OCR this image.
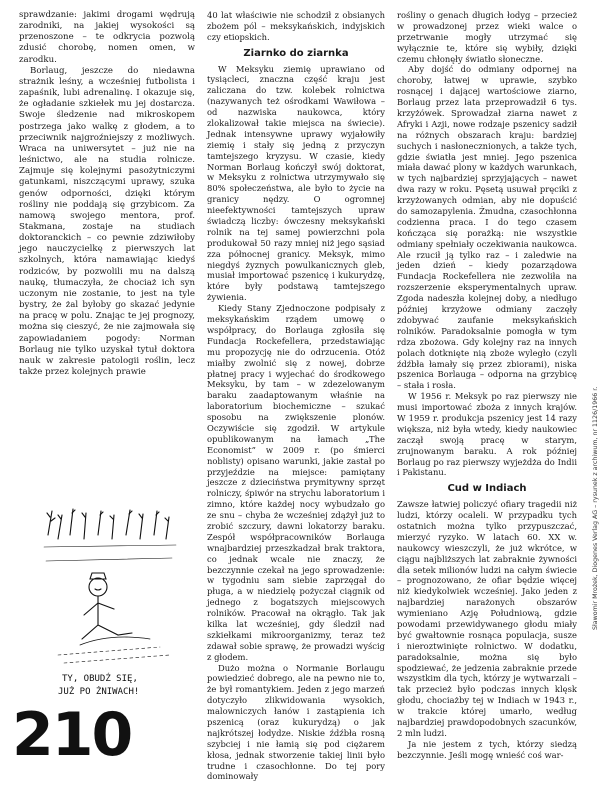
sprawdzanie: jakimi drogami wędrują zarodniki, na jakiej wysokości są przenoszone – te odkrycia pozwolą zdusić chorobę, nomen omen, w zarodku.

Borlaug, jeszcze do niedawna strażnik leśny, a wcześniej futbolista i zapaśnik, lubi adrenalinę. I okazuje się, że ogładanie szkiełek mu jej dostarcza. Swoje śledzenie nad mikroskopem postrzega jako walkę z głodem, a to przeciwnik najgroźniejszy z możliwych. Wraca na uniwersytet – już nie na leśnictwo, ale na studia rolnicze. Zajmuje się kolejnymi pasożytniczymi gatunkami, niszczącymi uprawy, szuka genów odporności, dzięki którym rośliny nie poddają się grzybicom. Za namową swojego mentora, prof. Stakmana, zostaje na studiach doktoranckich – co pewnie zdziwiłoby jego nauczycielkę z pierwszych lat szkolnych, która namawiając kiedyś rodziców, by pozwolili mu na dalszą naukę, tłumaczyła, że chociaż ich syn uczonym nie zostanie, to jest na tyle bystry, że żal byłoby go skazać jedynie na pracę w polu. Znając te jej prognozy, można się cieszyć, że nie zajmowała się zapowiadaniem pogody: Norman Borlaug nie tylko uzyskał tytuł doktora nauk w zakresie patologii roślin, lecz także przez kolejnych prawie

TY, OBUDŹ SIĘ,
JUŻ PO ŻNIWACH!
210

40 lat właściwie nie schodził z obsianych zbożem pól – meksykańskich, indyjskich czy etiopskich.

Ziarnko do ziarnka

W Meksyku ziemię uprawiano od tysiącleci, znaczna część kraju jest zaliczana do tzw. kolebek rolnictwa (nazywanych też ośrodkami Wawiłowa – od nazwiska naukowca, który zlokalizował takie miejsca na świecie). Jednak intensywne uprawy wyjałowiły ziemię i stały się jedną z przyczyn tamtejszego kryzysu. W czasie, kiedy Norman Borlaug kończył swój doktorat, w Meksyku z rolnictwa utrzymywało się 80% społeczeństwa, ale było to życie na granicy nędzy. O ogromnej nieefektywności tamtejszych upraw świadczą liczby: ówczesny meksykański rolnik na tej samej powierzchni pola produkował 50 razy mniej niż jego sąsiad zza północnej granicy. Meksyk, mimo niegdyś żyznych powulkanicznych gleb, musiał importować pszenicę i kukurydzę, które były podstawą tamtejszego żywienia.

Kiedy Stany Zjednoczone podpisały z meksykańskim rządem umowę o współpracy, do Borlauga zgłosiła się Fundacja Rockefellera, przedstawiając mu propozycję nie do odrzucenia. Otóż miałby zwolnić się z nowej, dobrze płatnej pracy i wyjechać do środkowego Meksyku, by tam – w zdezelowanym baraku zaadaptowanym właśnie na laboratorium biochemiczne – szukać sposobu na zwiększenie plonów. Oczywiście się zgodził. W artykule opublikowanym na łamach „The Economist” w 2009 r. (po śmierci noblisty) opisano warunki, jakie zastał po przyjeździe na miejsce: pamiętany jeszcze z dzieciństwa prymitywny sprzęt rolniczy, śpiwór na strychu laboratorium i zimno, które każdej nocy wybudzało go ze snu – chyba że wcześniej zdążył już to zrobić szczury, dawni lokatorzy baraku. Zespół współpracowników Borlauga wnajbardziej przeszkadzał brak traktora, co jednak wcale nie znaczy, że bezczynnie czekał na jego sprowadzenie: w tygodniu sam siebie zaprzęgał do pługa, a w niedzielę pożyczał ciągnik od jednego z bogatszych miejscowych rolników. Pracował na okrągło. Tak jak kilka lat wcześniej, gdy śledził nad szkiełkami mikroorganizmy, teraz też zdawał sobie sprawę, że prowadzi wyścig z głodem.

Dużo można o Normanie Borlaugu powiedzieć dobrego, ale na pewno nie to, że był romantykiem. Jeden z jego marzeń dotyczyło zlikwidowania wysokich, malowniczych łanów i zastąpienia ich pszenicą (oraz kukurydzą) o jak najkrótszej łodydze. Niskie źdźbła rosną szybciej i nie łamią się pod ciężarem kłosa, jednak stworzenie takiej linii było trudne i czasochłonne. Do tej pory dominowały

rośliny o genach długich łodyg – przecież w prowadzonej przez wieki walce o przetrwanie mogły utrzymać się wyłącznie te, które się wybiły, dzięki czemu chłonęły światło słoneczne.

Aby dojść do odmiany odpornej na choroby, łatwej w uprawie, szybko rosnącej i dającej wartościowe ziarno, Borlaug przez lata przeprowadził 6 tys. krzyżówek. Sprowadzał ziarna nawet z Afryki i Azji, nowe rodzaje pszenicy sadził na różnych obszarach kraju: bardziej suchych i nasłonecznionych, a także tych, gdzie światła jest mniej. Jego pszenica miała dawać plony w każdych warunkach, w tych najbardziej sprzyjających – nawet dwa razy w roku. Pęsetą usuwał pręciki z krzyżowanych odmian, aby nie dopuścić do samozapylenia. Żmudna, czasochłonna codzienna praca. I do tego czasem kończąca się porażką: nie wszystkie odmiany spełniały oczekiwania naukowca. Ale rzucił ją tylko raz – i zaledwie na jeden dzień – kiedy pozarządowa Fundacja Rockefellera nie zezwoliła na rozszerzenie eksperymentalnych upraw. Zgoda nadeszła kolejnej doby, a niedługo później krzyżowe odmiany zaczęły zdobywać zaufanie meksykańskich rolników. Paradoksalnie pomogła w tym rdza zbożowa. Gdy kolejny raz na innych polach dotknięte nią zboże wyległo (czyli źdźbła łamały się przez zbiorami), niska pszenica Borlauga – odporna na grzybicę – stała i rosła.

W 1956 r. Meksyk po raz pierwszy nie musi importować zboża z innych krajów. W 1959 r. produkcja pszenicy jest 14 razy większa, niż była wtedy, kiedy naukowiec zaczął swoją pracę w starym, zrujnowanym baraku. A rok później Borlaug po raz pierwszy wyjeżdża do Indii i Pakistanu.

Cud w Indiach

Zawsze łatwiej policzyć ofiary tragedii niż ludzi, którzy ocaleli. W przypadku tych ostatnich można tylko przypuszczać, mierzyć ryzyko. W latach 60. XX w. naukowcy wieszczyli, że już wkrótce, w ciągu najbliższych lat zabraknie żywności dla setek milionów ludzi na całym świecie – prognozowano, że ofiar będzie więcej niż kiedykolwiek wcześniej. Jako jeden z najbardziej narażonych obszarów wymieniano Azję Południową, gdzie powodami przewidywanego głodu miały być gwałtownie rosnąca populacja, susze i nieroztwinięte rolnictwo. W dodatku, paradoksalnie, można się było spodziewać, że jedzenia zabraknie przede wszystkim dla tych, którzy je wytwarzali – tak przecież było podczas innych klęsk głodu, chociażby tej w Indiach w 1943 r., w trakcie której umarło, według najbardziej prawdopodobnych szacunków, 2 mln ludzi.

Ja nie jestem z tych, którzy siedzą bezczynnie. Jeśli mogę wnieść coś war-

Sławomir Mrożek, Diogenes Verlag AG – rysunek z archiwum, nr 1126/1966 r.
